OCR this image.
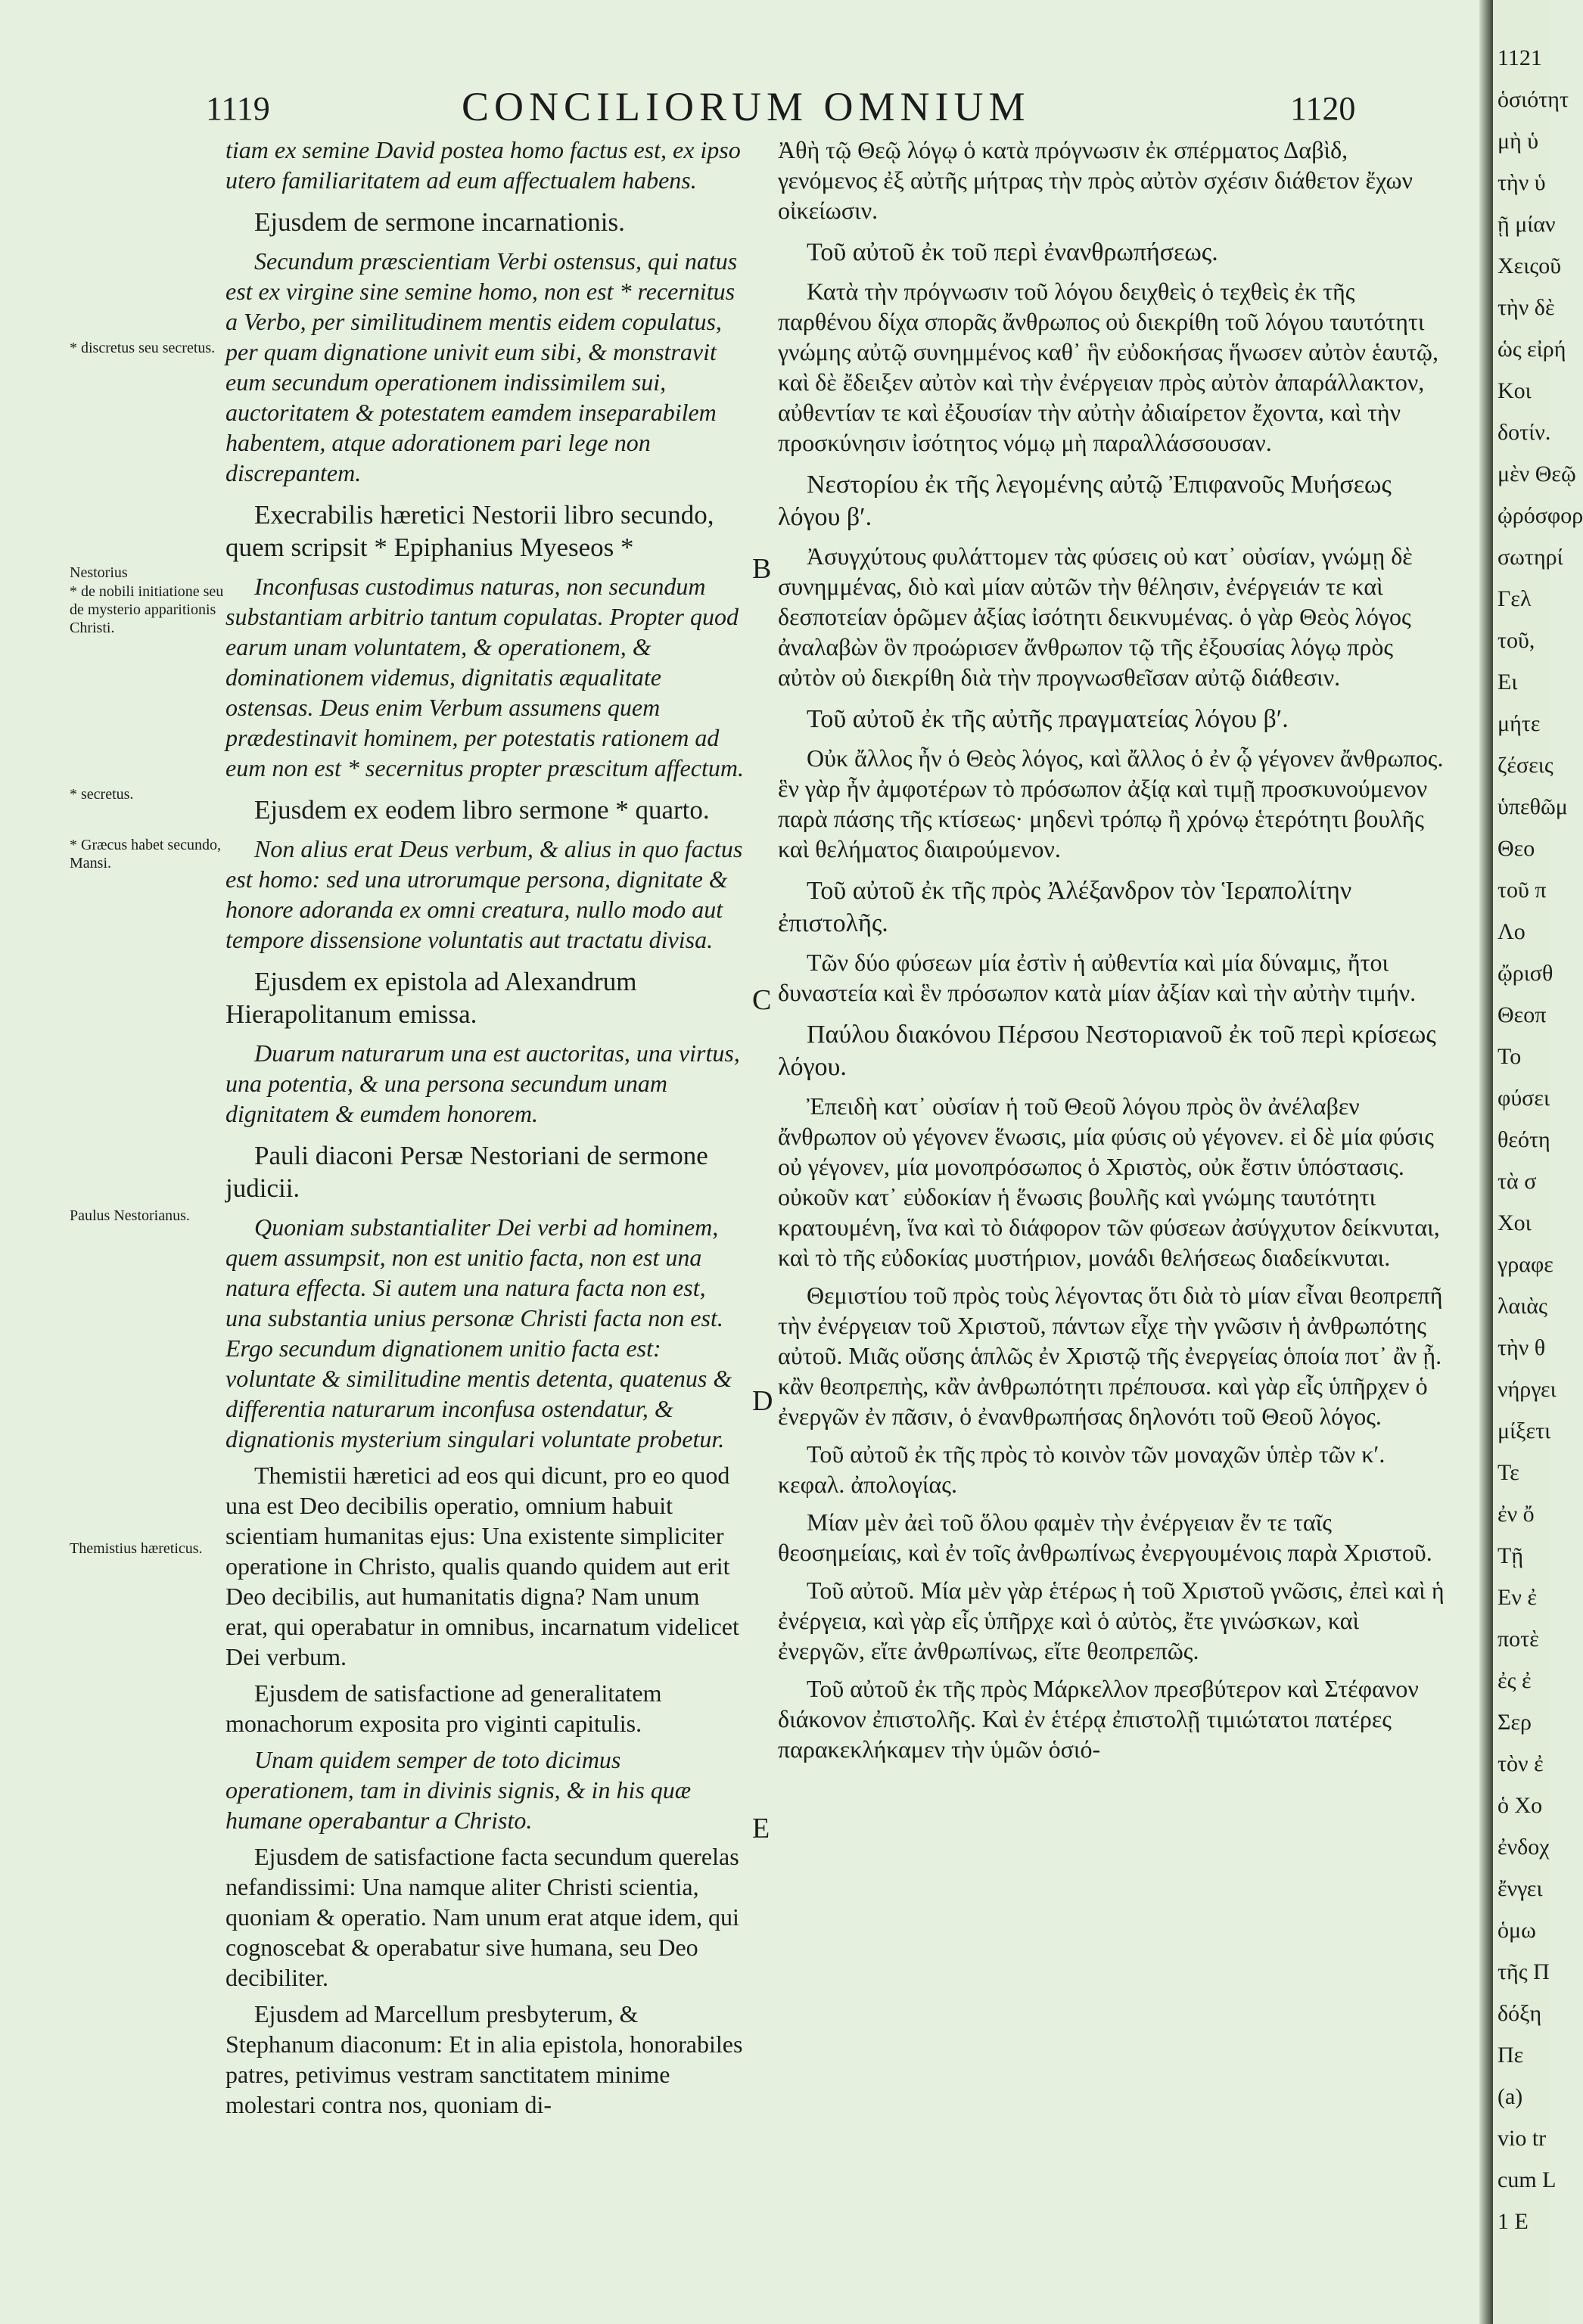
1119	CONCILIORUM OMNIUM	1120

tiam ex semine David postea homo factus est, ex ipso utero familiaritatem ad eum affectualem habens.

Ejusdem de sermone incarnationis.

Secundum præscientiam Verbi ostensus, qui natus est ex virgine sine semine homo, non est * recernitus a Verbo, per similitudinem mentis eidem copulatus, per quam dignatione univit eum sibi, & monstravit eum secundum operationem indissimilem sui, auctoritatem & potestatem eamdem inseparabilem habentem, atque adorationem pari lege non discrepantem.

Execrabilis hæretici Nestorii libro secundo, quem scripsit * Epiphanius Myeseos *

Inconfusas custodimus naturas, non secundum substantiam arbitrio tantum copulatas. Propter quod earum unam voluntatem, & operationem, & dominationem videmus, dignitatis æqualitate ostensas. Deus enim Verbum assumens quem prædestinavit hominem, per potestatis rationem ad eum non est * secernitus propter præscitum affectum.

Ejusdem ex eodem libro sermone * quarto.

Non alius erat Deus verbum, & alius in quo factus est homo: sed una utrorumque persona, dignitate & honore adoranda ex omni creatura, nullo modo aut tempore dissensione voluntatis aut tractatu divisa.

Ejusdem ex epistola ad Alexandrum Hierapolitanum emissa.

Duarum naturarum una est auctoritas, una virtus, una potentia, & una persona secundum unam dignitatem & eumdem honorem.

Pauli diaconi Persæ Nestoriani de sermone judicii.

Quoniam substantialiter Dei verbi ad hominem, quem assumpsit, non est unitio facta, non est una natura effecta. Si autem una natura facta non est, una substantia unius personæ Christi facta non est. Ergo secundum dignationem unitio facta est: voluntate & similitudine mentis detenta, quatenus & differentia naturarum inconfusa ostendatur, & dignationis mysterium singulari voluntate probetur.

Themistii hæretici ad eos qui dicunt, pro eo quod una est Deo decibilis operatio, omnium habuit scientiam humanitas ejus: Una existente simpliciter operatione in Christo, qualis quando quidem aut erit Deo decibilis, aut humanitatis digna? Nam unum erat, qui operabatur in omnibus, incarnatum videlicet Dei verbum.

Ejusdem de satisfactione ad generalitatem monachorum exposita pro viginti capitulis.

Unam quidem semper de toto dicimus operationem, tam in divinis signis, & in his quæ humane operabantur a Christo.

Ejusdem de satisfactione facta secundum querelas nefandissimi: Una namque aliter Christi scientia, quoniam & operatio. Nam unum erat atque idem, qui cognoscebat & operabatur sive humana, seu Deo decibiliter.

Ejusdem ad Marcellum presbyterum, & Stephanum diaconum: Et in alia epistola, honorabiles patres, petivimus vestram sanctitatem minime molestari contra nos, quoniam di-

Ἀθὴ τῷ Θεῷ λόγῳ ὁ κατὰ πρόγνωσιν ἐκ σπέρματος Δαβὶδ, γενόμενος ἐξ αὐτῆς μήτρας τὴν πρὸς αὐτὸν σχέσιν διάθετον ἔχων οἰκείωσιν.

Τοῦ αὐτοῦ ἐκ τοῦ περὶ ἐνανθρωπήσεως.

Κατὰ τὴν πρόγνωσιν τοῦ λόγου δειχθεὶς ὁ τεχθεὶς ἐκ τῆς παρθένου δίχα σπορᾶς ἄνθρωπος οὐ διεκρίθη τοῦ λόγου ταυτότητι γνώμης αὐτῷ συνημμένος καθ᾽ ἣν εὐδοκήσας ἥνωσεν αὐτὸν ἑαυτῷ, καὶ δὲ ἔδειξεν αὐτὸν καὶ τὴν ἐνέργειαν πρὸς αὐτὸν ἀπαράλλακτον, αὐθεντίαν τε καὶ ἐξουσίαν τὴν αὐτὴν ἀδιαίρετον ἔχοντα, καὶ τὴν προσκύνησιν ἰσότητος νόμῳ μὴ παραλλάσσουσαν.

Νεστορίου ἐκ τῆς λεγομένης αὐτῷ Ἐπιφανοῦς Μυήσεως λόγου β′.

Ἀσυγχύτους φυλάττομεν τὰς φύσεις οὐ κατ᾽ οὐσίαν, γνώμῃ δὲ συνημμένας, διὸ καὶ μίαν αὐτῶν τὴν θέλησιν, ἐνέργειάν τε καὶ δεσποτείαν ὁρῶμεν ἀξίας ἰσότητι δεικνυμένας. ὁ γὰρ Θεὸς λόγος ἀναλαβὼν ὃν προώρισεν ἄνθρωπον τῷ τῆς ἐξουσίας λόγῳ πρὸς αὐτὸν οὐ διεκρίθη διὰ τὴν προγνωσθεῖσαν αὐτῷ διάθεσιν.

Τοῦ αὐτοῦ ἐκ τῆς αὐτῆς πραγματείας λόγου β′.

Οὐκ ἄλλος ἦν ὁ Θεὸς λόγος, καὶ ἄλλος ὁ ἐν ᾧ γέγονεν ἄνθρωπος. ἓν γὰρ ἦν ἀμφοτέρων τὸ πρόσωπον ἀξίᾳ καὶ τιμῇ προσκυνούμενον παρὰ πάσης τῆς κτίσεως· μηδενὶ τρόπῳ ἢ χρόνῳ ἑτερότητι βουλῆς καὶ θελήματος διαιρούμενον.

Τοῦ αὐτοῦ ἐκ τῆς πρὸς Ἀλέξανδρον τὸν Ἱεραπολίτην ἐπιστολῆς.

Τῶν δύο φύσεων μία ἐστὶν ἡ αὐθεντία καὶ μία δύναμις, ἤτοι δυναστεία καὶ ἓν πρόσωπον κατὰ μίαν ἀξίαν καὶ τὴν αὐτὴν τιμήν.

Παύλου διακόνου Πέρσου Νεστοριανοῦ ἐκ τοῦ περὶ κρίσεως λόγου.

Ἐπειδὴ κατ᾽ οὐσίαν ἡ τοῦ Θεοῦ λόγου πρὸς ὃν ἀνέλαβεν ἄνθρωπον οὐ γέγονεν ἕνωσις, μία φύσις οὐ γέγονεν. εἰ δὲ μία φύσις οὐ γέγονεν, μία μονοπρόσωπος ὁ Χριστὸς, οὐκ ἔστιν ὑπόστασις. οὐκοῦν κατ᾽ εὐδοκίαν ἡ ἕνωσις βουλῆς καὶ γνώμης ταυτότητι κρατουμένη, ἵνα καὶ τὸ διάφορον τῶν φύσεων ἀσύγχυτον δείκνυται, καὶ τὸ τῆς εὐδοκίας μυστήριον, μονάδι θελήσεως διαδείκνυται.

Θεμιστίου τοῦ πρὸς τοὺς λέγοντας ὅτι διὰ τὸ μίαν εἶναι θεοπρεπῆ τὴν ἐνέργειαν τοῦ Χριστοῦ, πάντων εἶχε τὴν γνῶσιν ἡ ἀνθρωπότης αὐτοῦ. Μιᾶς οὔσης ἁπλῶς ἐν Χριστῷ τῆς ἐνεργείας ὁποία ποτ᾽ ἂν ᾖ. κἂν θεοπρεπὴς, κἂν ἀνθρωπότητι πρέπουσα. καὶ γὰρ εἷς ὑπῆρχεν ὁ ἐνεργῶν ἐν πᾶσιν, ὁ ἐνανθρωπήσας δηλονότι τοῦ Θεοῦ λόγος.

Τοῦ αὐτοῦ ἐκ τῆς πρὸς τὸ κοινὸν τῶν μοναχῶν ὑπὲρ τῶν κ′. κεφαλ. ἀπολογίας.

Μίαν μὲν ἀεὶ τοῦ ὅλου φαμὲν τὴν ἐνέργειαν ἔν τε ταῖς θεοσημείαις, καὶ ἐν τοῖς ἀνθρωπίνως ἐνεργουμένοις παρὰ Χριστοῦ.

Τοῦ αὐτοῦ. Μία μὲν γὰρ ἑτέρως ἡ τοῦ Χριστοῦ γνῶσις, ἐπεὶ καὶ ἡ ἐνέργεια, καὶ γὰρ εἷς ὑπῆρχε καὶ ὁ αὐτὸς, ἔτε γινώσκων, καὶ ἐνεργῶν, εἴτε ἀνθρωπίνως, εἴτε θεοπρεπῶς.

Τοῦ αὐτοῦ ἐκ τῆς πρὸς Μάρκελλον πρεσβύτερον καὶ Στέφανον διάκονον ἐπιστολῆς. Καὶ ἐν ἑτέρᾳ ἐπιστολῇ τιμιώτατοι πατέρες παρακεκλήκαμεν τὴν ὑμῶν ὁσιό-

* discretus seu secretus.
Nestorius
* de nobili initiatione seu de mysterio apparitionis Christi.
* secretus.
* Græcus habet secundo, Mansi.
Paulus Nestorianus.
Themistius hæreticus.
B
C
D
E
1121
ὁσιότητ
μὴ ὑ
τὴν ὑ
ῇ μίαν
Χειςοῦ
τὴν δὲ
ὡς εἰρή
Κοι
δοτίν.
μὲν Θεῷ
ᾠρόσφορ
σωτηρί
Γελ
τοῦ,
Ει
μήτε
ζέσεις
ὑπεθῶμ
Θεο
τοῦ π
Λο
ᾤρισθ
Θεοπ
Το
φύσει
θεότη
τὰ σ
Χοι
γραφε
λαιὰς
τὴν θ
νήργει
μίξετι
Τε
ἐν ὄ
Τῇ
Εν ἐ
ποτὲ
ἐς ἐ
Σερ
τὸν ἐ
ὁ Χο
ἐνδοχ
ἔνγει
ὁμω
τῆς Π
δόξη
Πε
(a)
vio tr
cum L
1 E
